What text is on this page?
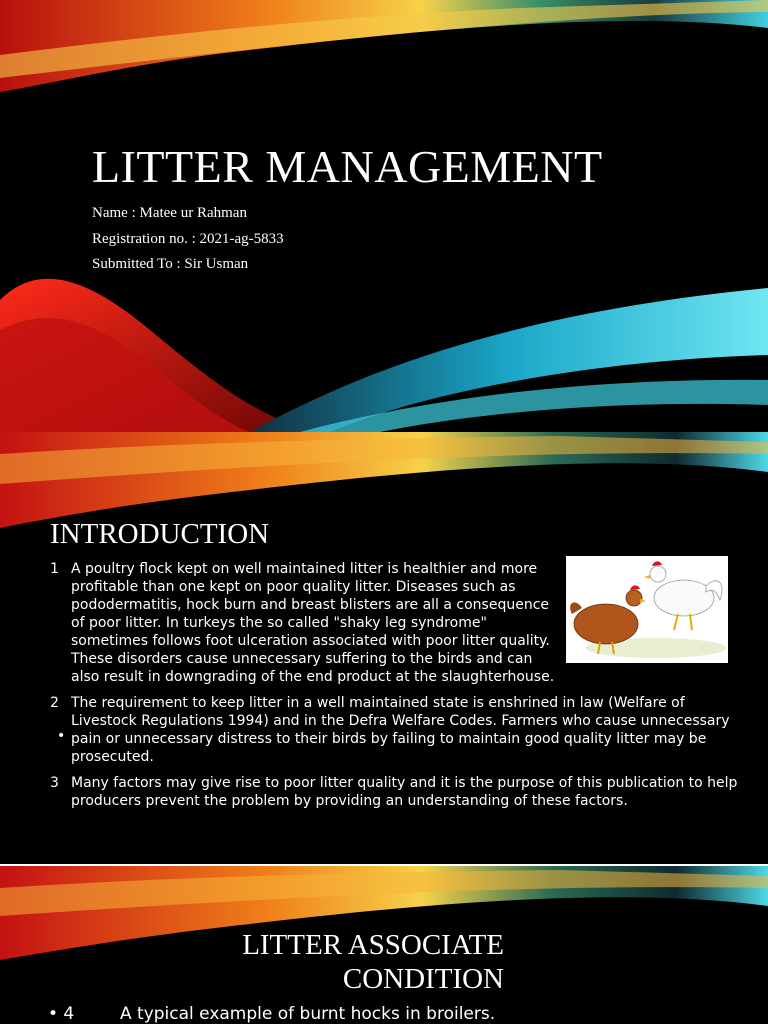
LITTER MANAGEMENT
Name : Matee ur Rahman
Registration no. : 2021-ag-5833
Submitted To : Sir Usman
INTRODUCTION
1 A poultry flock kept on well maintained litter is healthier and more profitable than one kept on poor quality litter. Diseases such as pododermatitis, hock burn and breast blisters are all a consequence of poor litter. In turkeys the so called "shaky leg syndrome" sometimes follows foot ulceration associated with poor litter quality. These disorders cause unnecessary suffering to the birds and can also result in downgrading of the end product at the slaughterhouse.
2 The requirement to keep litter in a well maintained state is enshrined in law (Welfare of Livestock Regulations 1994) and in the Defra Welfare Codes. Farmers who cause unnecessary pain or unnecessary distress to their birds by failing to maintain good quality litter may be prosecuted.
3 Many factors may give rise to poor litter quality and it is the purpose of this publication to help producers prevent the problem by providing an understanding of these factors.
•
LITTER ASSOCIATE CONDITION
• 4	A typical example of burnt hocks in broilers.
